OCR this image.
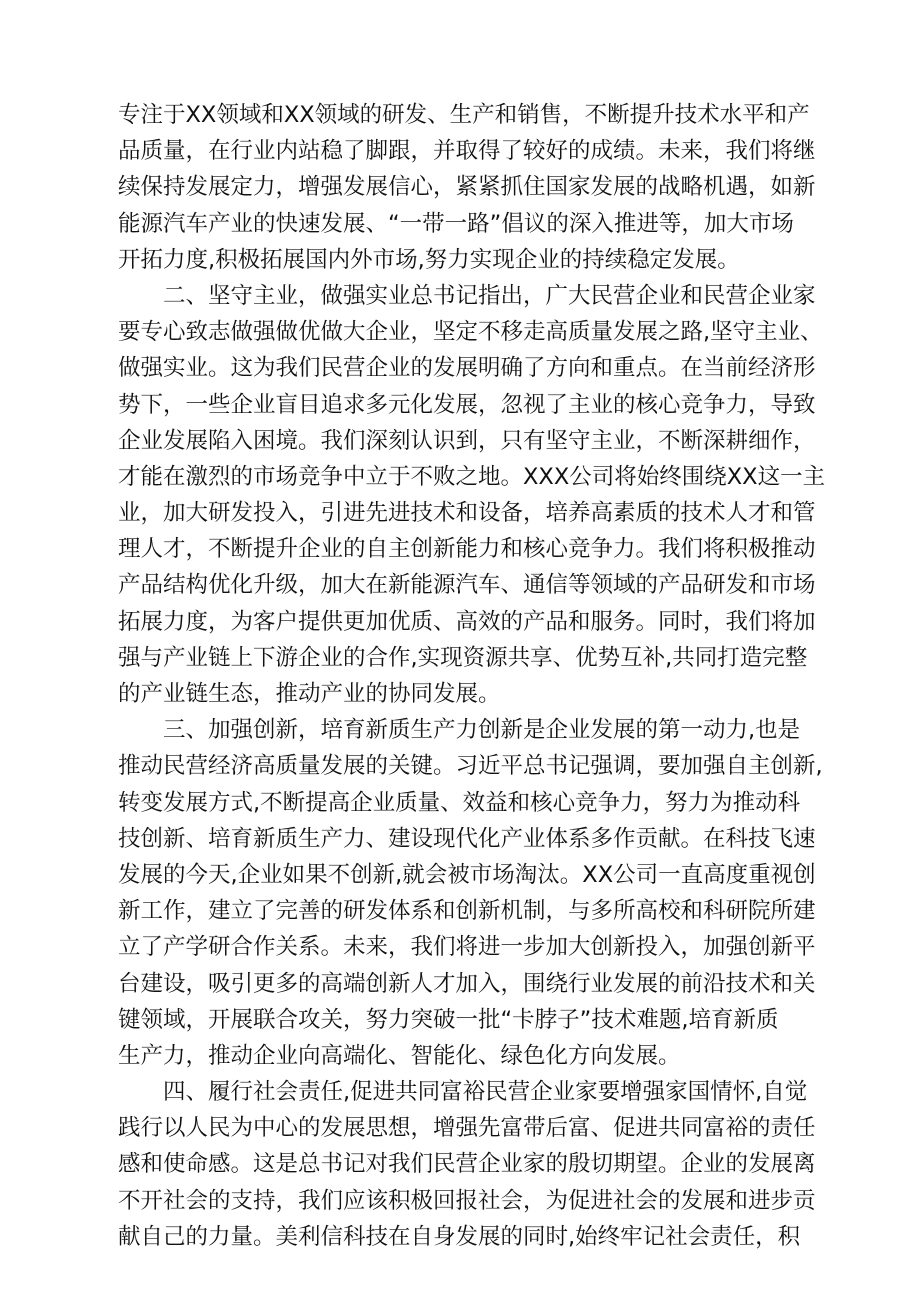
专注于XX领域和XX领域的研发、生产和销售，不断提升技术水平和产
品质量，在行业内站稳了脚跟，并取得了较好的成绩。未来，我们将继
续保持发展定力，增强发展信心，紧紧抓住国家发展的战略机遇，如新
能源汽车产业的快速发展、“一带一路”倡议的深入推进等，加大市场
开拓力度,积极拓展国内外市场,努力实现企业的持续稳定发展。
二、坚守主业，做强实业总书记指出，广大民营企业和民营企业家
要专心致志做强做优做大企业，坚定不移走高质量发展之路,坚守主业、
做强实业。这为我们民营企业的发展明确了方向和重点。在当前经济形
势下，一些企业盲目追求多元化发展，忽视了主业的核心竞争力，导致
企业发展陷入困境。我们深刻认识到，只有坚守主业，不断深耕细作，
才能在激烈的市场竞争中立于不败之地。XXX公司将始终围绕XX这一主
业，加大研发投入，引进先进技术和设备，培养高素质的技术人才和管
理人才，不断提升企业的自主创新能力和核心竞争力。我们将积极推动
产品结构优化升级，加大在新能源汽车、通信等领域的产品研发和市场
拓展力度，为客户提供更加优质、高效的产品和服务。同时，我们将加
强与产业链上下游企业的合作,实现资源共享、优势互补,共同打造完整
的产业链生态，推动产业的协同发展。
三、加强创新，培育新质生产力创新是企业发展的第一动力,也是
推动民营经济高质量发展的关键。习近平总书记强调，要加强自主创新,
转变发展方式,不断提高企业质量、效益和核心竞争力，努力为推动科
技创新、培育新质生产力、建设现代化产业体系多作贡献。在科技飞速
发展的今天,企业如果不创新,就会被市场淘汰。XX公司一直高度重视创
新工作，建立了完善的研发体系和创新机制，与多所高校和科研院所建
立了产学研合作关系。未来，我们将进一步加大创新投入，加强创新平
台建设，吸引更多的高端创新人才加入，围绕行业发展的前沿技术和关
键领域，开展联合攻关，努力突破一批“卡脖子”技术难题,培育新质
生产力，推动企业向高端化、智能化、绿色化方向发展。
四、履行社会责任,促进共同富裕民营企业家要增强家国情怀,自觉
践行以人民为中心的发展思想，增强先富带后富、促进共同富裕的责任
感和使命感。这是总书记对我们民营企业家的殷切期望。企业的发展离
不开社会的支持，我们应该积极回报社会，为促进社会的发展和进步贡
献自己的力量。美利信科技在自身发展的同时,始终牢记社会责任，积
